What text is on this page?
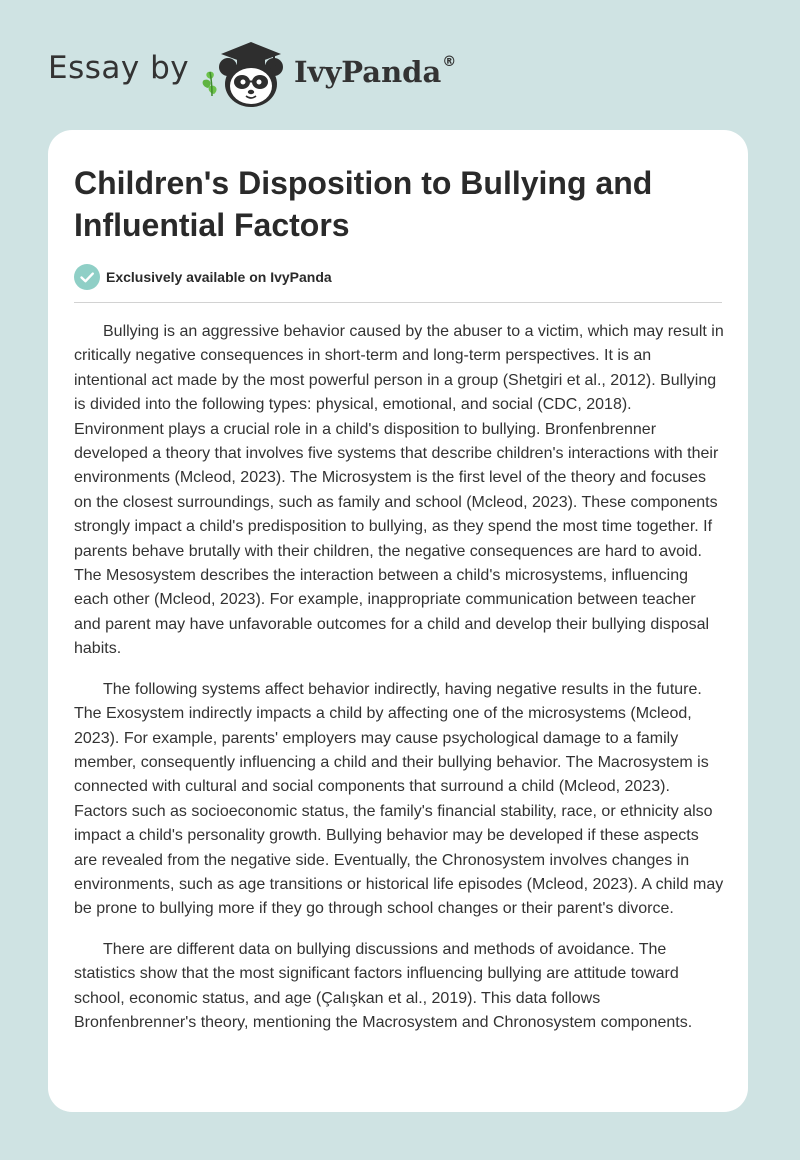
Essay by	IvyPanda®
Children's Disposition to Bullying and Influential Factors
Exclusively available on IvyPanda

Bullying is an aggressive behavior caused by the abuser to a victim, which may result in critically negative consequences in short-term and long-term perspectives. It is an intentional act made by the most powerful person in a group (Shetgiri et al., 2012). Bullying is divided into the following types: physical, emotional, and social (CDC, 2018). Environment plays a crucial role in a child's disposition to bullying. Bronfenbrenner developed a theory that involves five systems that describe children's interactions with their environments (Mcleod, 2023). The Microsystem is the first level of the theory and focuses on the closest surroundings, such as family and school (Mcleod, 2023). These components strongly impact a child's predisposition to bullying, as they spend the most time together. If parents behave brutally with their children, the negative consequences are hard to avoid. The Mesosystem describes the interaction between a child's microsystems, influencing each other (Mcleod, 2023). For example, inappropriate communication between teacher and parent may have unfavorable outcomes for a child and develop their bullying disposal habits.

The following systems affect behavior indirectly, having negative results in the future. The Exosystem indirectly impacts a child by affecting one of the microsystems (Mcleod, 2023). For example, parents' employers may cause psychological damage to a family member, consequently influencing a child and their bullying behavior. The Macrosystem is connected with cultural and social components that surround a child (Mcleod, 2023). Factors such as socioeconomic status, the family's financial stability, race, or ethnicity also impact a child's personality growth. Bullying behavior may be developed if these aspects are revealed from the negative side. Eventually, the Chronosystem involves changes in environments, such as age transitions or historical life episodes (Mcleod, 2023). A child may be prone to bullying more if they go through school changes or their parent's divorce.

There are different data on bullying discussions and methods of avoidance. The statistics show that the most significant factors influencing bullying are attitude toward school, economic status, and age (Çalışkan et al., 2019). This data follows Bronfenbrenner's theory, mentioning the Macrosystem and Chronosystem components.
